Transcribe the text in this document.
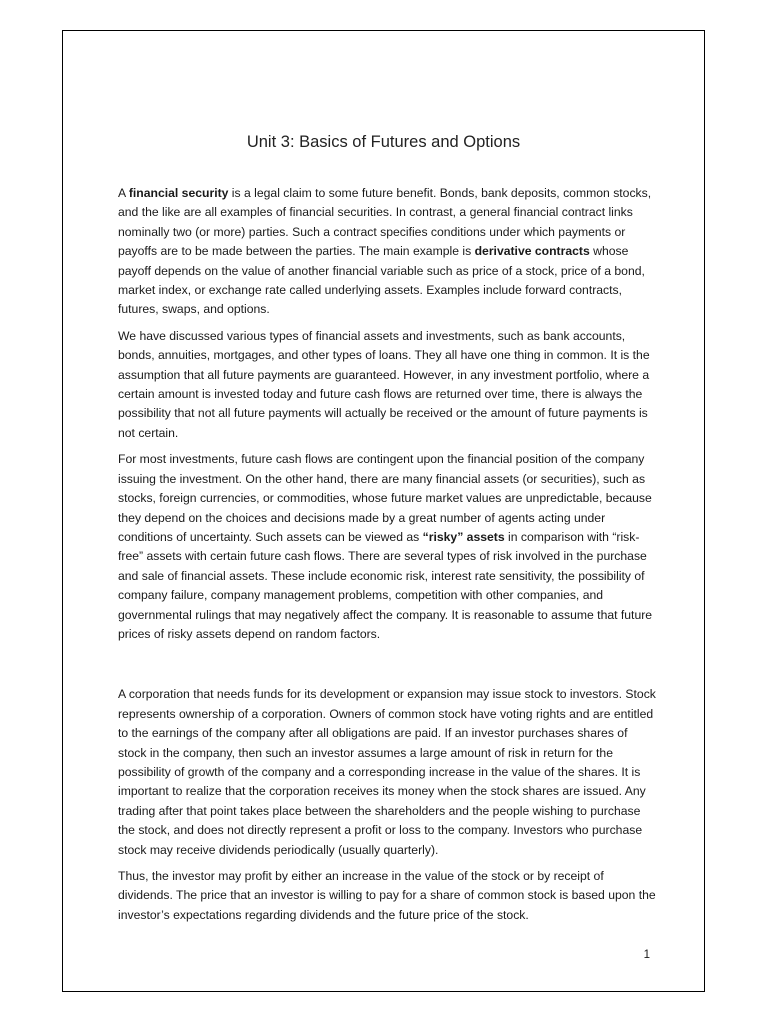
Unit 3: Basics of Futures and Options

A financial security is a legal claim to some future benefit. Bonds, bank deposits, common stocks, and the like are all examples of financial securities. In contrast, a general financial contract links nominally two (or more) parties. Such a contract specifies conditions under which payments or payoffs are to be made between the parties. The main example is derivative contracts whose payoff depends on the value of another financial variable such as price of a stock, price of a bond, market index, or exchange rate called underlying assets. Examples include forward contracts, futures, swaps, and options.

We have discussed various types of financial assets and investments, such as bank accounts, bonds, annuities, mortgages, and other types of loans. They all have one thing in common. It is the assumption that all future payments are guaranteed. However, in any investment portfolio, where a certain amount is invested today and future cash flows are returned over time, there is always the possibility that not all future payments will actually be received or the amount of future payments is not certain.

For most investments, future cash flows are contingent upon the financial position of the company issuing the investment. On the other hand, there are many financial assets (or securities), such as stocks, foreign currencies, or commodities, whose future market values are unpredictable, because they depend on the choices and decisions made by a great number of agents acting under conditions of uncertainty. Such assets can be viewed as “risky” assets in comparison with “risk-free” assets with certain future cash flows. There are several types of risk involved in the purchase and sale of financial assets. These include economic risk, interest rate sensitivity, the possibility of company failure, company management problems, competition with other companies, and governmental rulings that may negatively affect the company. It is reasonable to assume that future prices of risky assets depend on random factors.

A corporation that needs funds for its development or expansion may issue stock to investors. Stock represents ownership of a corporation. Owners of common stock have voting rights and are entitled to the earnings of the company after all obligations are paid. If an investor purchases shares of stock in the company, then such an investor assumes a large amount of risk in return for the possibility of growth of the company and a corresponding increase in the value of the shares. It is important to realize that the corporation receives its money when the stock shares are issued. Any trading after that point takes place between the shareholders and the people wishing to purchase the stock, and does not directly represent a profit or loss to the company. Investors who purchase stock may receive dividends periodically (usually quarterly).

Thus, the investor may profit by either an increase in the value of the stock or by receipt of dividends. The price that an investor is willing to pay for a share of common stock is based upon the investor’s expectations regarding dividends and the future price of the stock.

1
